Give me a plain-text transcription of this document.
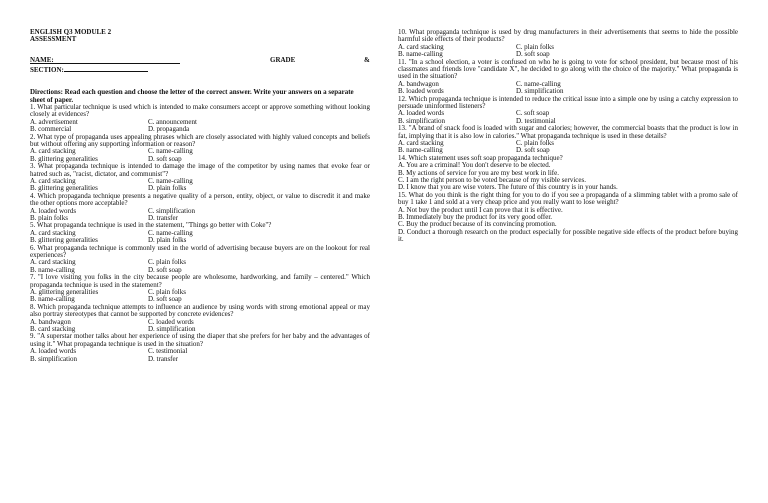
ENGLISH Q3 MODULE 2
ASSESSMENT
NAME:	GRADE	&
SECTION:
Directions: Read each question and choose the letter of the correct answer. Write your answers on a separate sheet of paper.
1. What particular technique is used which is intended to make consumers accept or approve something without looking closely at evidences?
A. advertisement	C. announcement
B. commercial	D. propaganda
2. What type of propaganda uses appealing phrases which are closely associated with highly valued concepts and beliefs but without offering any supporting information or reason?
A. card stacking	C. name-calling
B. glittering generalities	D. soft soap
3. What propaganda technique is intended to damage the image of the competitor by using names that evoke fear or hatred such as, "racist, dictator, and communist"?
A. card stacking	C. name-calling
B. glittering generalities	D. plain folks
4. Which propaganda technique presents a negative quality of a person, entity, object, or value to discredit it and make the other options more acceptable?
A. loaded words	C. simplification
B. plain folks	D. transfer
5. What propaganda technique is used in the statement, "Things go better with Coke"?
A. card stacking	C. name-calling
B. glittering generalities	D. plain folks
6. What propaganda technique is commonly used in the world of advertising because buyers are on the lookout for real experiences?
A. card stacking	C. plain folks
B. name-calling	D. soft soap
7. "I love visiting you folks in the city because people are wholesome, hardworking, and family – centered." Which propaganda technique is used in the statement?
A. glittering generalities	C. plain folks
B. name-calling	D. soft soap
8. Which propaganda technique attempts to influence an audience by using words with strong emotional appeal or may also portray stereotypes that cannot be supported by concrete evidences?
A. bandwagon	C. loaded words
B. card stacking	D. simplification
9. "A superstar mother talks about her experience of using the diaper that she prefers for her baby and the advantages of using it." What propaganda technique is used in the situation?
A. loaded words	C. testimonial
B. simplification	D. transfer
10. What propaganda technique is used by drug manufacturers in their advertisements that seems to hide the possible harmful side effects of their products?
A. card stacking	C. plain folks
B. name-calling	D. soft soap
11. "In a school election, a voter is confused on who he is going to vote for school president, but because most of his classmates and friends love "candidate X", he decided to go along with the choice of the majority." What propaganda is used in the situation?
A. bandwagon	C. name-calling
B. loaded words	D. simplification
12. Which propaganda technique is intended to reduce the critical issue into a simple one by using a catchy expression to persuade uninformed listeners?
A. loaded words	C. soft soap
B. simplification	D. testimonial
13. "A brand of snack food is loaded with sugar and calories; however, the commercial boasts that the product is low in fat, implying that it is also low in calories." What propaganda technique is used in these details?
A. card stacking	C. plain folks
B. name-calling	D. soft soap
14. Which statement uses soft soap propaganda technique?
A. You are a criminal! You don't deserve to be elected.
B. My actions of service for you are my best work in life.
C. I am the right person to be voted because of my visible services.
D. I know that you are wise voters. The future of this country is in your hands.
15. What do you think is the right thing for you to do if you see a propaganda of a slimming tablet with a promo sale of buy 1 take 1 and sold at a very cheap price and you really want to lose weight?
A. Not buy the product until I can prove that it is effective.
B. Immediately buy the product for its very good offer.
C. Buy the product because of its convincing promotion.
D. Conduct a thorough research on the product especially for possible negative side effects of the product before buying it.
